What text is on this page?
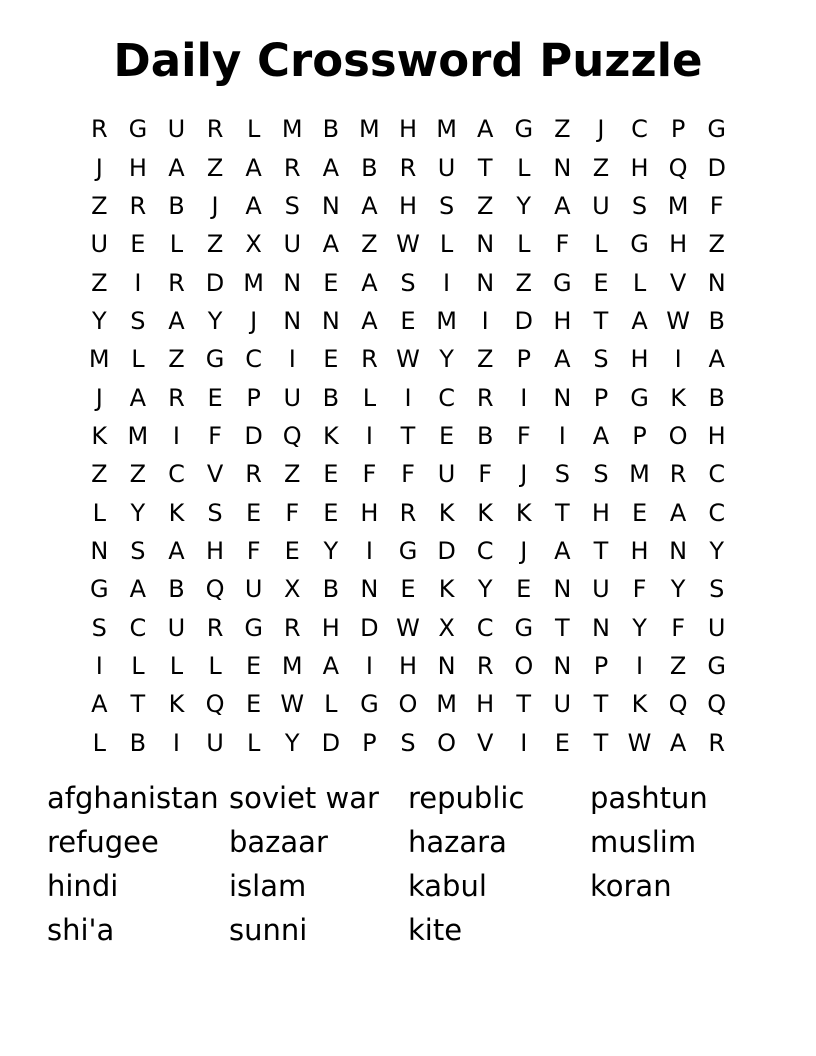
Daily Crossword Puzzle
R G U R L M B M H M A G Z	J	C P G
J	H A Z A R A B R U T	L N Z H Q D
Z R B	J	A S N A H S Z Y A U S M F
U E	L Z X U A Z W L N L	F	L G H Z
Z	I	R D M N E A S	I	N Z G E	L V N
Y S A Y	J	N N A E M	I	D H T A W B
M L Z G C	I	E R W Y Z P A S H	I	A
J	A R E P U B L	I	C R	I	N P G K B
K M	I	F D Q K	I	T E B F	I	A P O H
Z Z C V R Z E	F	F U F	J	S S M R C
L	Y K S E	F	E H R K K K T H E A C
N S A H F	E Y	I	G D C	J	A T H N Y
G A B Q U X B N E K Y E N U F	Y S
S C U R G R H D W X C G T N Y	F U
I	L	L	L	E M A	I	H N R O N P	I	Z G
A T K Q E W L G O M H T U T K Q Q
L B	I	U L	Y D P S O V	I	E T W A R
afghanistan
refugee
hindi
shi'a
soviet war
bazaar
islam
sunni
republic
hazara
kabul
kite
pashtun
muslim
koran
